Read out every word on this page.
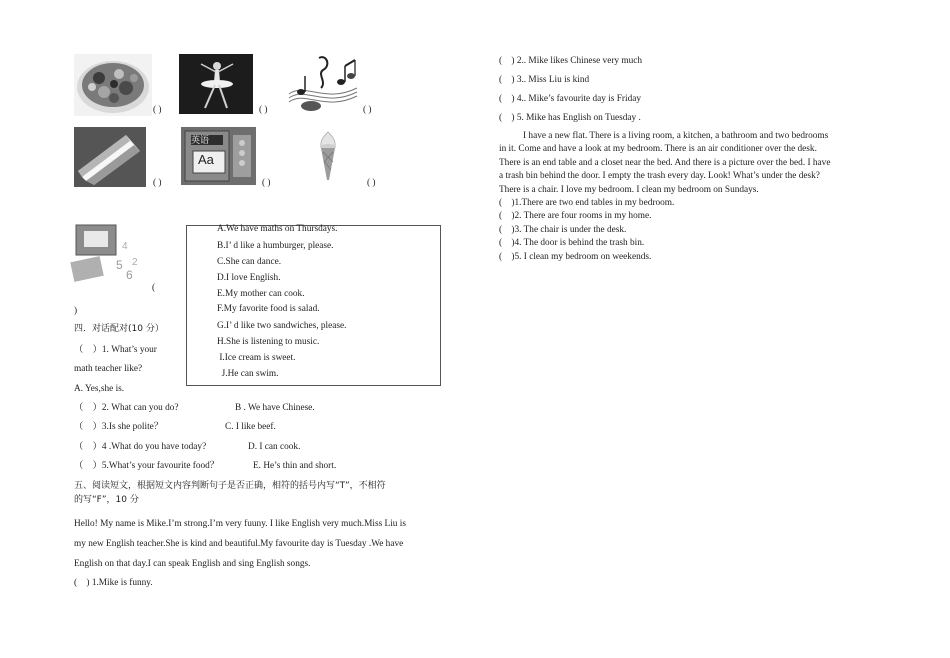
( )	( )	( )
( )
英语
Aa
( )	( )
5
6
2
4
(
)
A.We have maths on Thursdays.
B.I’ d like a humburger, please.
C.She can dance.
D.I love English.
E.My mother can cook.
F.My favorite food is salad.
G.I’ d like two sandwiches, please.
H.She is listening to music.
I.Ice cream is sweet.
J.He can swim.
四．对话配对(10 分）
（　）1. What’s your
math teacher like?
A. Yes,she is.
（　）2. What can you do?	B . We have Chinese.
（　）3.Is she polite？	C. I like beef.
（　）4 .What do you have today?	D. I can cook.
（　）5.What’s your favourite food？	E. He’s thin and short.
五、阅读短文，根据短文内容判断句子是否正确，相符的括号内写“T”，不相符
的写“F”，10 分
Hello! My name is Mike.I’m strong.I’m very fuuny. I like English very much.Miss Liu is
my new English teacher.She is kind and beautiful.My favourite day is Tuesday .We have
English on that day.I can speak English and sing English songs.
(　) 1.Mike is funny.
(　) 2.. Mike likes Chinese very much
(　) 3.. Miss Liu is kind
(　) 4.. Mike’s favourite day is Friday
(　) 5. Mike has English on Tuesday .
I have a new flat. There is a living room, a kitchen, a bathroom and two bedrooms
in it. Come and have a look at my bedroom. There is an air conditioner over the desk.
There is an end table and a closet near the bed. And there is a picture over the bed. I have
a trash bin behind the door. I empty the trash every day. Look! What’s under the desk?
There is a chair. I love my bedroom. I clean my bedroom on Sundays.
(　)1.There are two end tables in my bedroom.
(　)2. There are four rooms in my home.
(　)3. The chair is under the desk.
(　)4. The door is behind the trash bin.
(　)5. I clean my bedroom on weekends.
